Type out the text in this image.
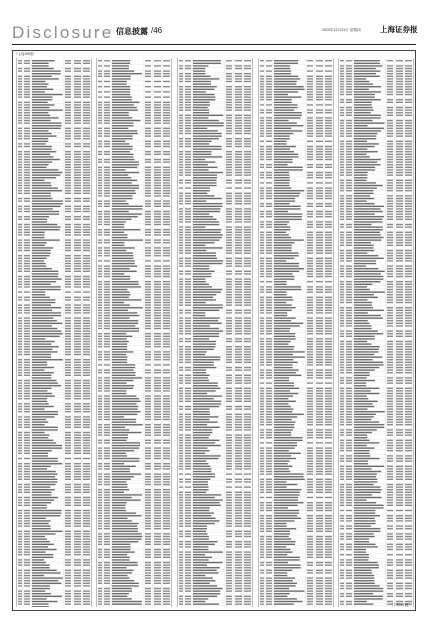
Disclosure 信息披露 /46	2020年12月31日 星期四	上海证券报
（上接45版）
（下转47版）
